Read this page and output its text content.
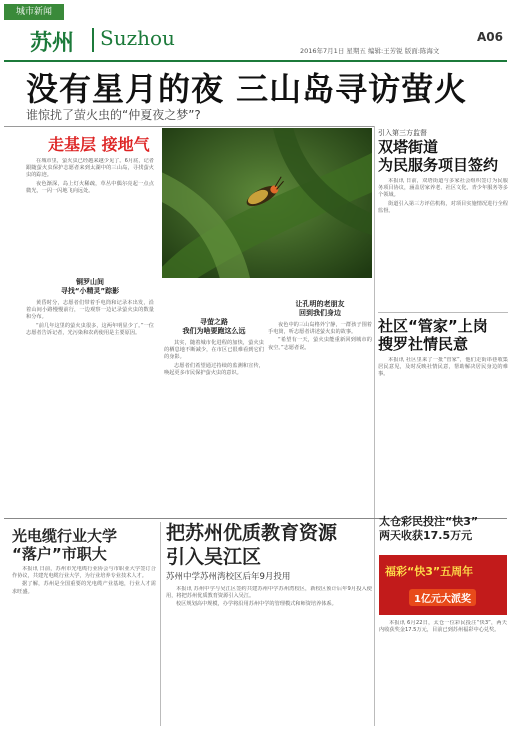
城市新闻
苏州 Suzhou	A06
2016年7月1日 星期五 编辑:王芳锐 版面:陈海文
没有星月的夜 三山岛寻访萤火
谁惊扰了萤火虫的“仲夏夜之梦”?
走基层 接地气

在城市里，萤火虫已经越来越少见了。6月底，记者跟随萤火虫保护志愿者来到太湖中的三山岛，寻找萤火虫的踪迹。

夜色渐深，岛上灯火稀疏，草丛中偶尔亮起一点点微光，一闪一闪地飞向远处。

铜罗山间
寻找“小精灵”踪影

黄昏时分，志愿者们带着手电筒和记录本出发，沿着山间小路慢慢前行，一边观察一边记录萤火虫的数量和分布。

“前几年这里的萤火虫很多，这两年明显少了。”一位志愿者告诉记者，光污染和农药使用是主要原因。

寻萤之路
我们为啥要跑这么远

其实，随着城市化进程的加快，萤火虫的栖息地不断减少，在市区已很难看到它们的身影。

志愿者们希望通过持续的监测和宣传，唤起更多市民保护萤火虫的意识。

让孔明的老朋友
回到我们身边

夜色中的三山岛格外宁静，一群孩子围着手电筒，听志愿者讲述萤火虫的故事。

“希望有一天，萤火虫能重新回到城市的夜空。”志愿者说。

引入第三方监督
双塔街道
为民服务项目签约

本报讯 日前，双塔街道与多家社会组织签订为民服务项目协议，涵盖居家养老、社区文化、青少年服务等多个领域。

街道引入第三方评估机构，对项目实施情况进行全程监督。

社区“管家”上岗
搜罗社情民意

本报讯 社区里来了一批“管家”，他们走街串巷收集居民意见，及时反映社情民意，帮助解决居民身边的难事。

光电缆行业大学
“落户”市职大

本报讯 日前，苏州市光电缆行业协会与市职业大学签订合作协议，共建光电缆行业大学，为行业培养专业技术人才。

据了解，苏州是全国重要的光电缆产业基地，行业人才需求旺盛。

把苏州优质教育资源
引入吴江区
苏州中学苏州湾校区后年9月投用

本报讯 苏州中学与吴江区签约共建苏州中学苏州湾校区，新校区预计后年9月投入使用，将把苏州优质教育资源引入吴江。

校区规划高中规模，办学将沿用苏州中学的管理模式和师资培养体系。

太仓彩民投注“快3”
两天收获17.5万元
福彩“快3”五周年
1亿元大派奖

本报讯 6月22日，太仓一位彩民投注“快3”，两天内收获奖金17.5万元，目前已到苏州福彩中心兑奖。
